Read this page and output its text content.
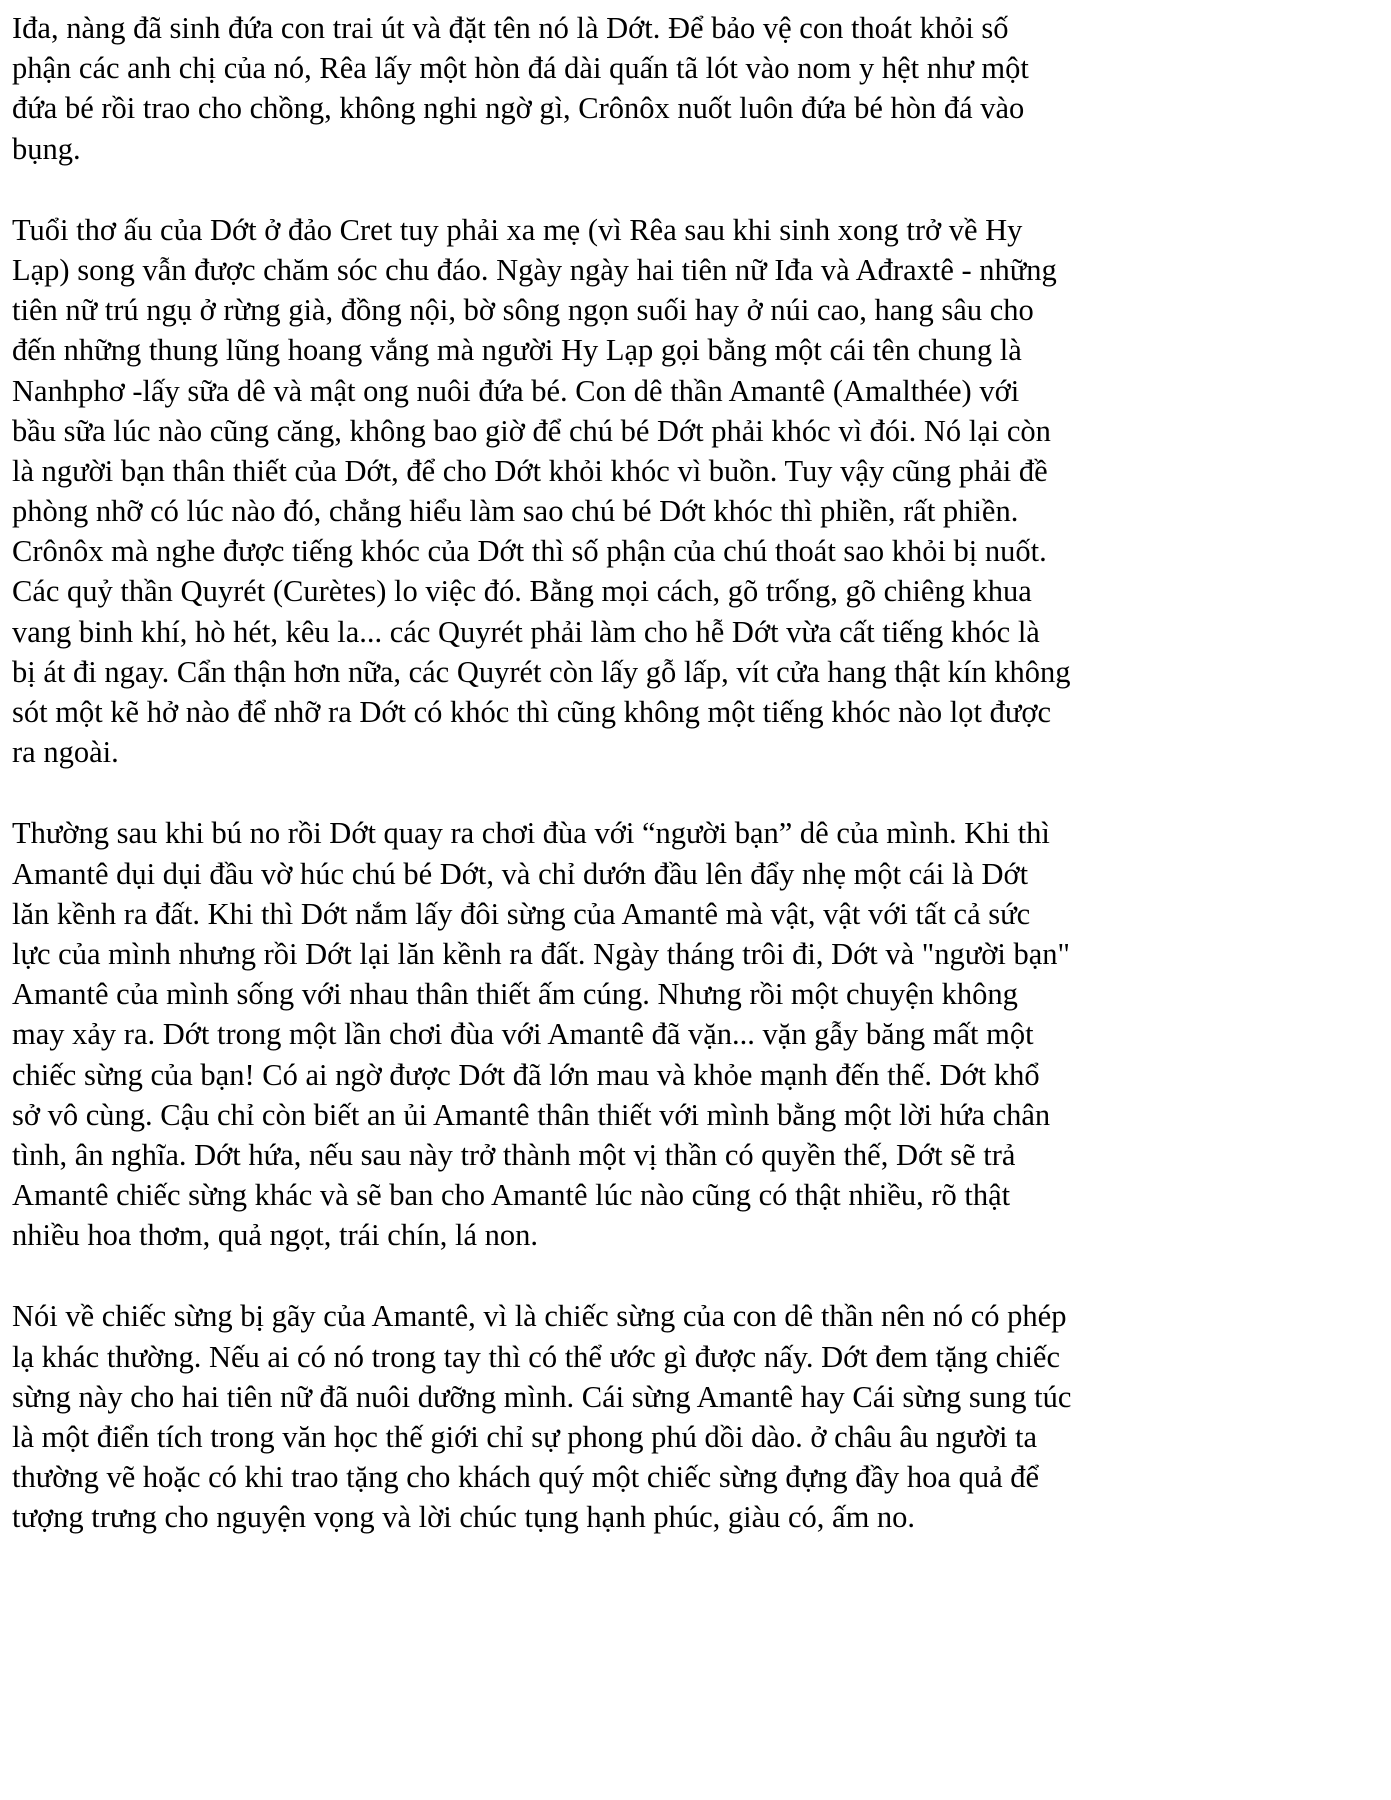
Iđa, nàng đã sinh đứa con trai út và đặt tên nó là Dớt. Để bảo vệ con thoát khỏi số
phận các anh chị của nó, Rêa lấy một hòn đá dài quấn tã lót vào nom y hệt như một
đứa bé rồi trao cho chồng, không nghi ngờ gì, Crônôx nuốt luôn đứa bé hòn đá vào
bụng.

Tuổi thơ ấu của Dớt ở đảo Cret tuy phải xa mẹ (vì Rêa sau khi sinh xong trở về Hy
Lạp) song vẫn được chăm sóc chu đáo. Ngày ngày hai tiên nữ Iđa và Ađraxtê - những
tiên nữ trú ngụ ở rừng già, đồng nội, bờ sông ngọn suối hay ở núi cao, hang sâu cho
đến những thung lũng hoang vắng mà người Hy Lạp gọi bằng một cái tên chung là
Nanhphơ -lấy sữa dê và mật ong nuôi đứa bé. Con dê thần Amantê (Amalthée) với
bầu sữa lúc nào cũng căng, không bao giờ để chú bé Dớt phải khóc vì đói. Nó lại còn
là người bạn thân thiết của Dớt, để cho Dớt khỏi khóc vì buồn. Tuy vậy cũng phải đề
phòng nhỡ có lúc nào đó, chẳng hiểu làm sao chú bé Dớt khóc thì phiền, rất phiền.
Crônôx mà nghe được tiếng khóc của Dớt thì số phận của chú thoát sao khỏi bị nuốt.
Các quỷ thần Quyrét (Curètes) lo việc đó. Bằng mọi cách, gõ trống, gõ chiêng khua
vang binh khí, hò hét, kêu la... các Quyrét phải làm cho hễ Dớt vừa cất tiếng khóc là
bị át đi ngay. Cẩn thận hơn nữa, các Quyrét còn lấy gỗ lấp, vít cửa hang thật kín không
sót một kẽ hở nào để nhỡ ra Dớt có khóc thì cũng không một tiếng khóc nào lọt được
ra ngoài.

Thường sau khi bú no rồi Dớt quay ra chơi đùa với “người bạn” dê của mình. Khi thì
Amantê dụi dụi đầu vờ húc chú bé Dớt, và chỉ dướn đầu lên đẩy nhẹ một cái là Dớt
lăn kềnh ra đất. Khi thì Dớt nắm lấy đôi sừng của Amantê mà vật, vật với tất cả sức
lực của mình nhưng rồi Dớt lại lăn kềnh ra đất. Ngày tháng trôi đi, Dớt và "người bạn"
Amantê của mình sống với nhau thân thiết ấm cúng. Nhưng rồi một chuyện không
may xảy ra. Dớt trong một lần chơi đùa với Amantê đã vặn... vặn gẫy băng mất một
chiếc sừng của bạn! Có ai ngờ được Dớt đã lớn mau và khỏe mạnh đến thế. Dớt khổ
sở vô cùng. Cậu chỉ còn biết an ủi Amantê thân thiết với mình bằng một lời hứa chân
tình, ân nghĩa. Dớt hứa, nếu sau này trở thành một vị thần có quyền thế, Dớt sẽ trả
Amantê chiếc sừng khác và sẽ ban cho Amantê lúc nào cũng có thật nhiều, rõ thật
nhiều hoa thơm, quả ngọt, trái chín, lá non.

Nói về chiếc sừng bị gãy của Amantê, vì là chiếc sừng của con dê thần nên nó có phép
lạ khác thường. Nếu ai có nó trong tay thì có thể ước gì được nấy. Dớt đem tặng chiếc
sừng này cho hai tiên nữ đã nuôi dưỡng mình. Cái sừng Amantê hay Cái sừng sung túc
là một điển tích trong văn học thế giới chỉ sự phong phú dồi dào. ở châu âu người ta
thường vẽ hoặc có khi trao tặng cho khách quý một chiếc sừng đựng đầy hoa quả để
tượng trưng cho nguyện vọng và lời chúc tụng hạnh phúc, giàu có, ấm no.
